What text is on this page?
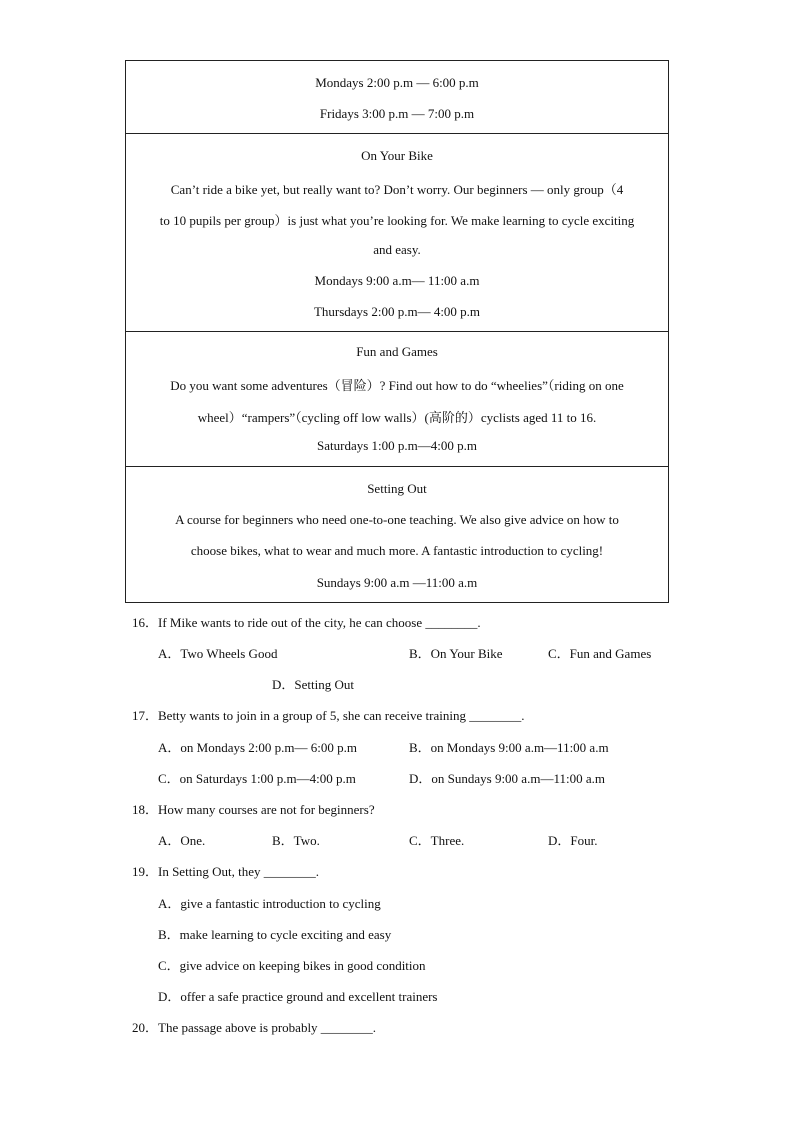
Mondays 2:00 p.m — 6:00 p.m
Fridays 3:00 p.m — 7:00 p.m
On Your Bike
Can’t ride a bike yet, but really want to? Don’t worry. Our beginners — only group（4
to 10 pupils per group）is just what you’re looking for. We make learning to cycle exciting
and easy.
Mondays 9:00 a.m— 11:00 a.m
Thursdays 2:00 p.m— 4:00 p.m
Fun and Games
Do you want some adventures（冒险）? Find out how to do “wheelies”（riding on one
wheel）“rampers”（cycling off low walls）(高阶的）cyclists aged 11 to 16.
Saturdays 1:00 p.m—4:00 p.m
Setting Out
A course for beginners who need one-to-one teaching. We also give advice on how to
choose bikes, what to wear and much more. A fantastic introduction to cycling!
Sundays 9:00 a.m —11:00 a.m
16．If Mike wants to ride out of the city, he can choose ________.
A．Two Wheels Good	B．On Your Bike	C．Fun and Games
D．Setting Out
17．Betty wants to join in a group of 5, she can receive training ________.
A．on Mondays 2:00 p.m— 6:00 p.m	B．on Mondays 9:00 a.m—11:00 a.m
C．on Saturdays 1:00 p.m—4:00 p.m	D．on Sundays 9:00 a.m—11:00 a.m
18．How many courses are not for beginners?
A．One.	B．Two.	C．Three.	D．Four.
19．In Setting Out, they ________.
A．give a fantastic introduction to cycling
B．make learning to cycle exciting and easy
C．give advice on keeping bikes in good condition
D．offer a safe practice ground and excellent trainers
20．The passage above is probably ________.
